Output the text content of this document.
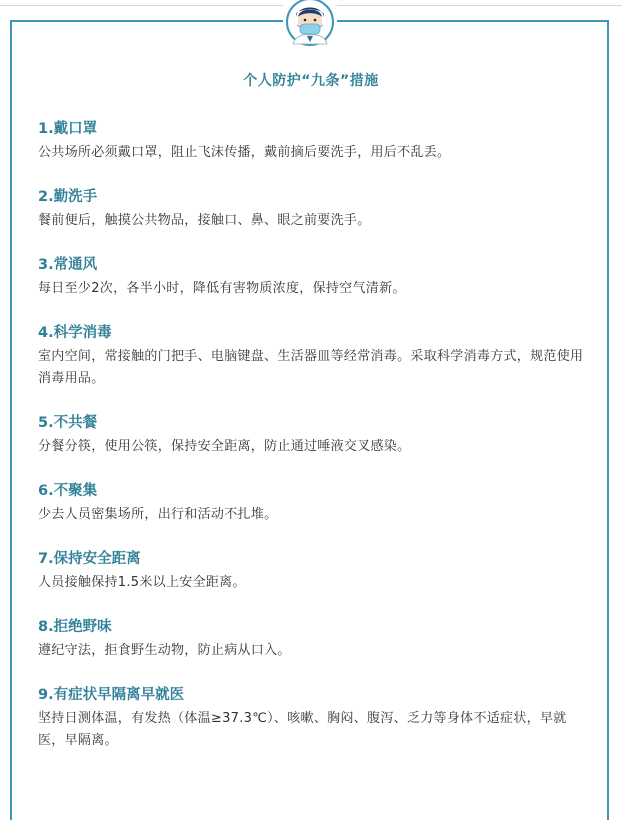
个人防护“九条”措施
1.戴口罩
公共场所必须戴口罩，阻止飞沫传播，戴前摘后要洗手，用后不乱丢。
2.勤洗手
餐前便后，触摸公共物品，接触口、鼻、眼之前要洗手。
3.常通风
每日至少2次，各半小时，降低有害物质浓度，保持空气清新。
4.科学消毒
室内空间，常接触的门把手、电脑键盘、生活器皿等经常消毒。采取科学消毒方式，规范使用消毒用品。
5.不共餐
分餐分筷，使用公筷，保持安全距离，防止通过唾液交叉感染。
6.不聚集
少去人员密集场所，出行和活动不扎堆。
7.保持安全距离
人员接触保持1.5米以上安全距离。
8.拒绝野味
遵纪守法，拒食野生动物，防止病从口入。
9.有症状早隔离早就医
坚持日测体温，有发热（体温≥37.3℃）、咳嗽、胸闷、腹泻、乏力等身体不适症状，早就医，早隔离。
